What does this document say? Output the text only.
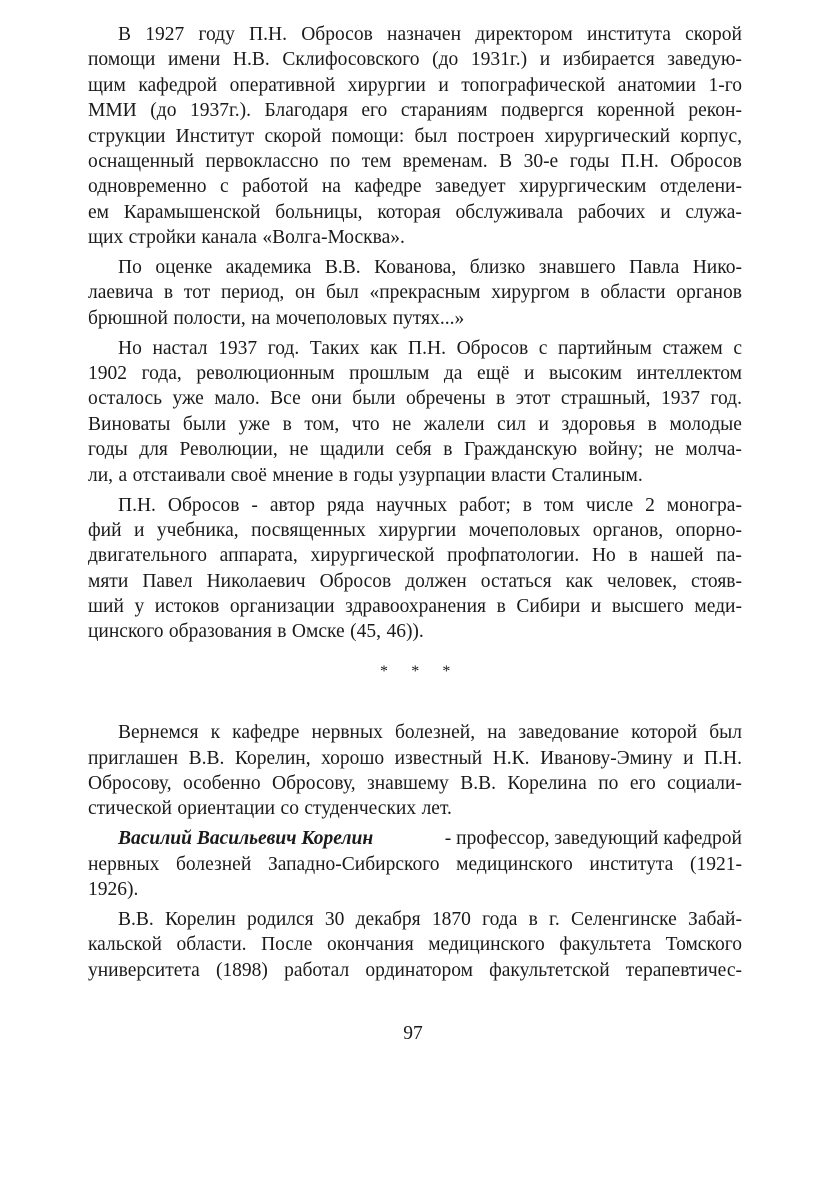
В 1927 году П.Н. Обросов назначен директором института скорой
помощи имени Н.В. Склифосовского (до 1931г.) и избирается заведую-
щим кафедрой оперативной хирургии и топографической анатомии 1-го
ММИ (до 1937г.). Благодаря его стараниям подвергся коренной рекон-
струкции Институт скорой помощи: был построен хирургический корпус,
оснащенный первоклассно по тем временам. В 30-е годы П.Н. Обросов
одновременно с работой на кафедре заведует хирургическим отделени-
ем Карамышенской больницы, которая обслуживала рабочих и служа-
щих стройки канала «Волга-Москва».
По оценке академика В.В. Кованова, близко знавшего Павла Нико-
лаевича в тот период, он был «прекрасным хирургом в области органов
брюшной полости, на мочеполовых путях...»
Но настал 1937 год. Таких как П.Н. Обросов с партийным стажем с
1902 года, революционным прошлым да ещё и высоким интеллектом
осталось уже мало. Все они были обречены в этот страшный, 1937 год.
Виноваты были уже в том, что не жалели сил и здоровья в молодые
годы для Революции, не щадили себя в Гражданскую войну; не молча-
ли, а отстаивали своё мнение в годы узурпации власти Сталиным.
П.Н. Обросов - автор ряда научных работ; в том числе 2 моногра-
фий и учебника, посвященных хирургии мочеполовых органов, опорно-
двигательного аппарата, хирургической профпатологии. Но в нашей па-
мяти Павел Николаевич Обросов должен остаться как человек, стояв-
ший у истоков организации здравоохранения в Сибири и высшего меди-
цинского образования в Омске (45, 46)).
* * *
Вернемся к кафедре нервных болезней, на заведование которой был
приглашен В.В. Корелин, хорошо известный Н.К. Иванову-Эмину и П.Н.
Обросову, особенно Обросову, знавшему В.В. Корелина по его социали-
стической ориентации со студенческих лет.
Василий Васильевич Корелин	- профессор, заведующий кафедрой
нервных болезней Западно-Сибирского медицинского института (1921-
1926).
В.В. Корелин родился 30 декабря 1870 года в г. Селенгинске Забай-
кальской области. После окончания медицинского факультета Томского
университета (1898) работал ординатором факультетской терапевтичес-
97
